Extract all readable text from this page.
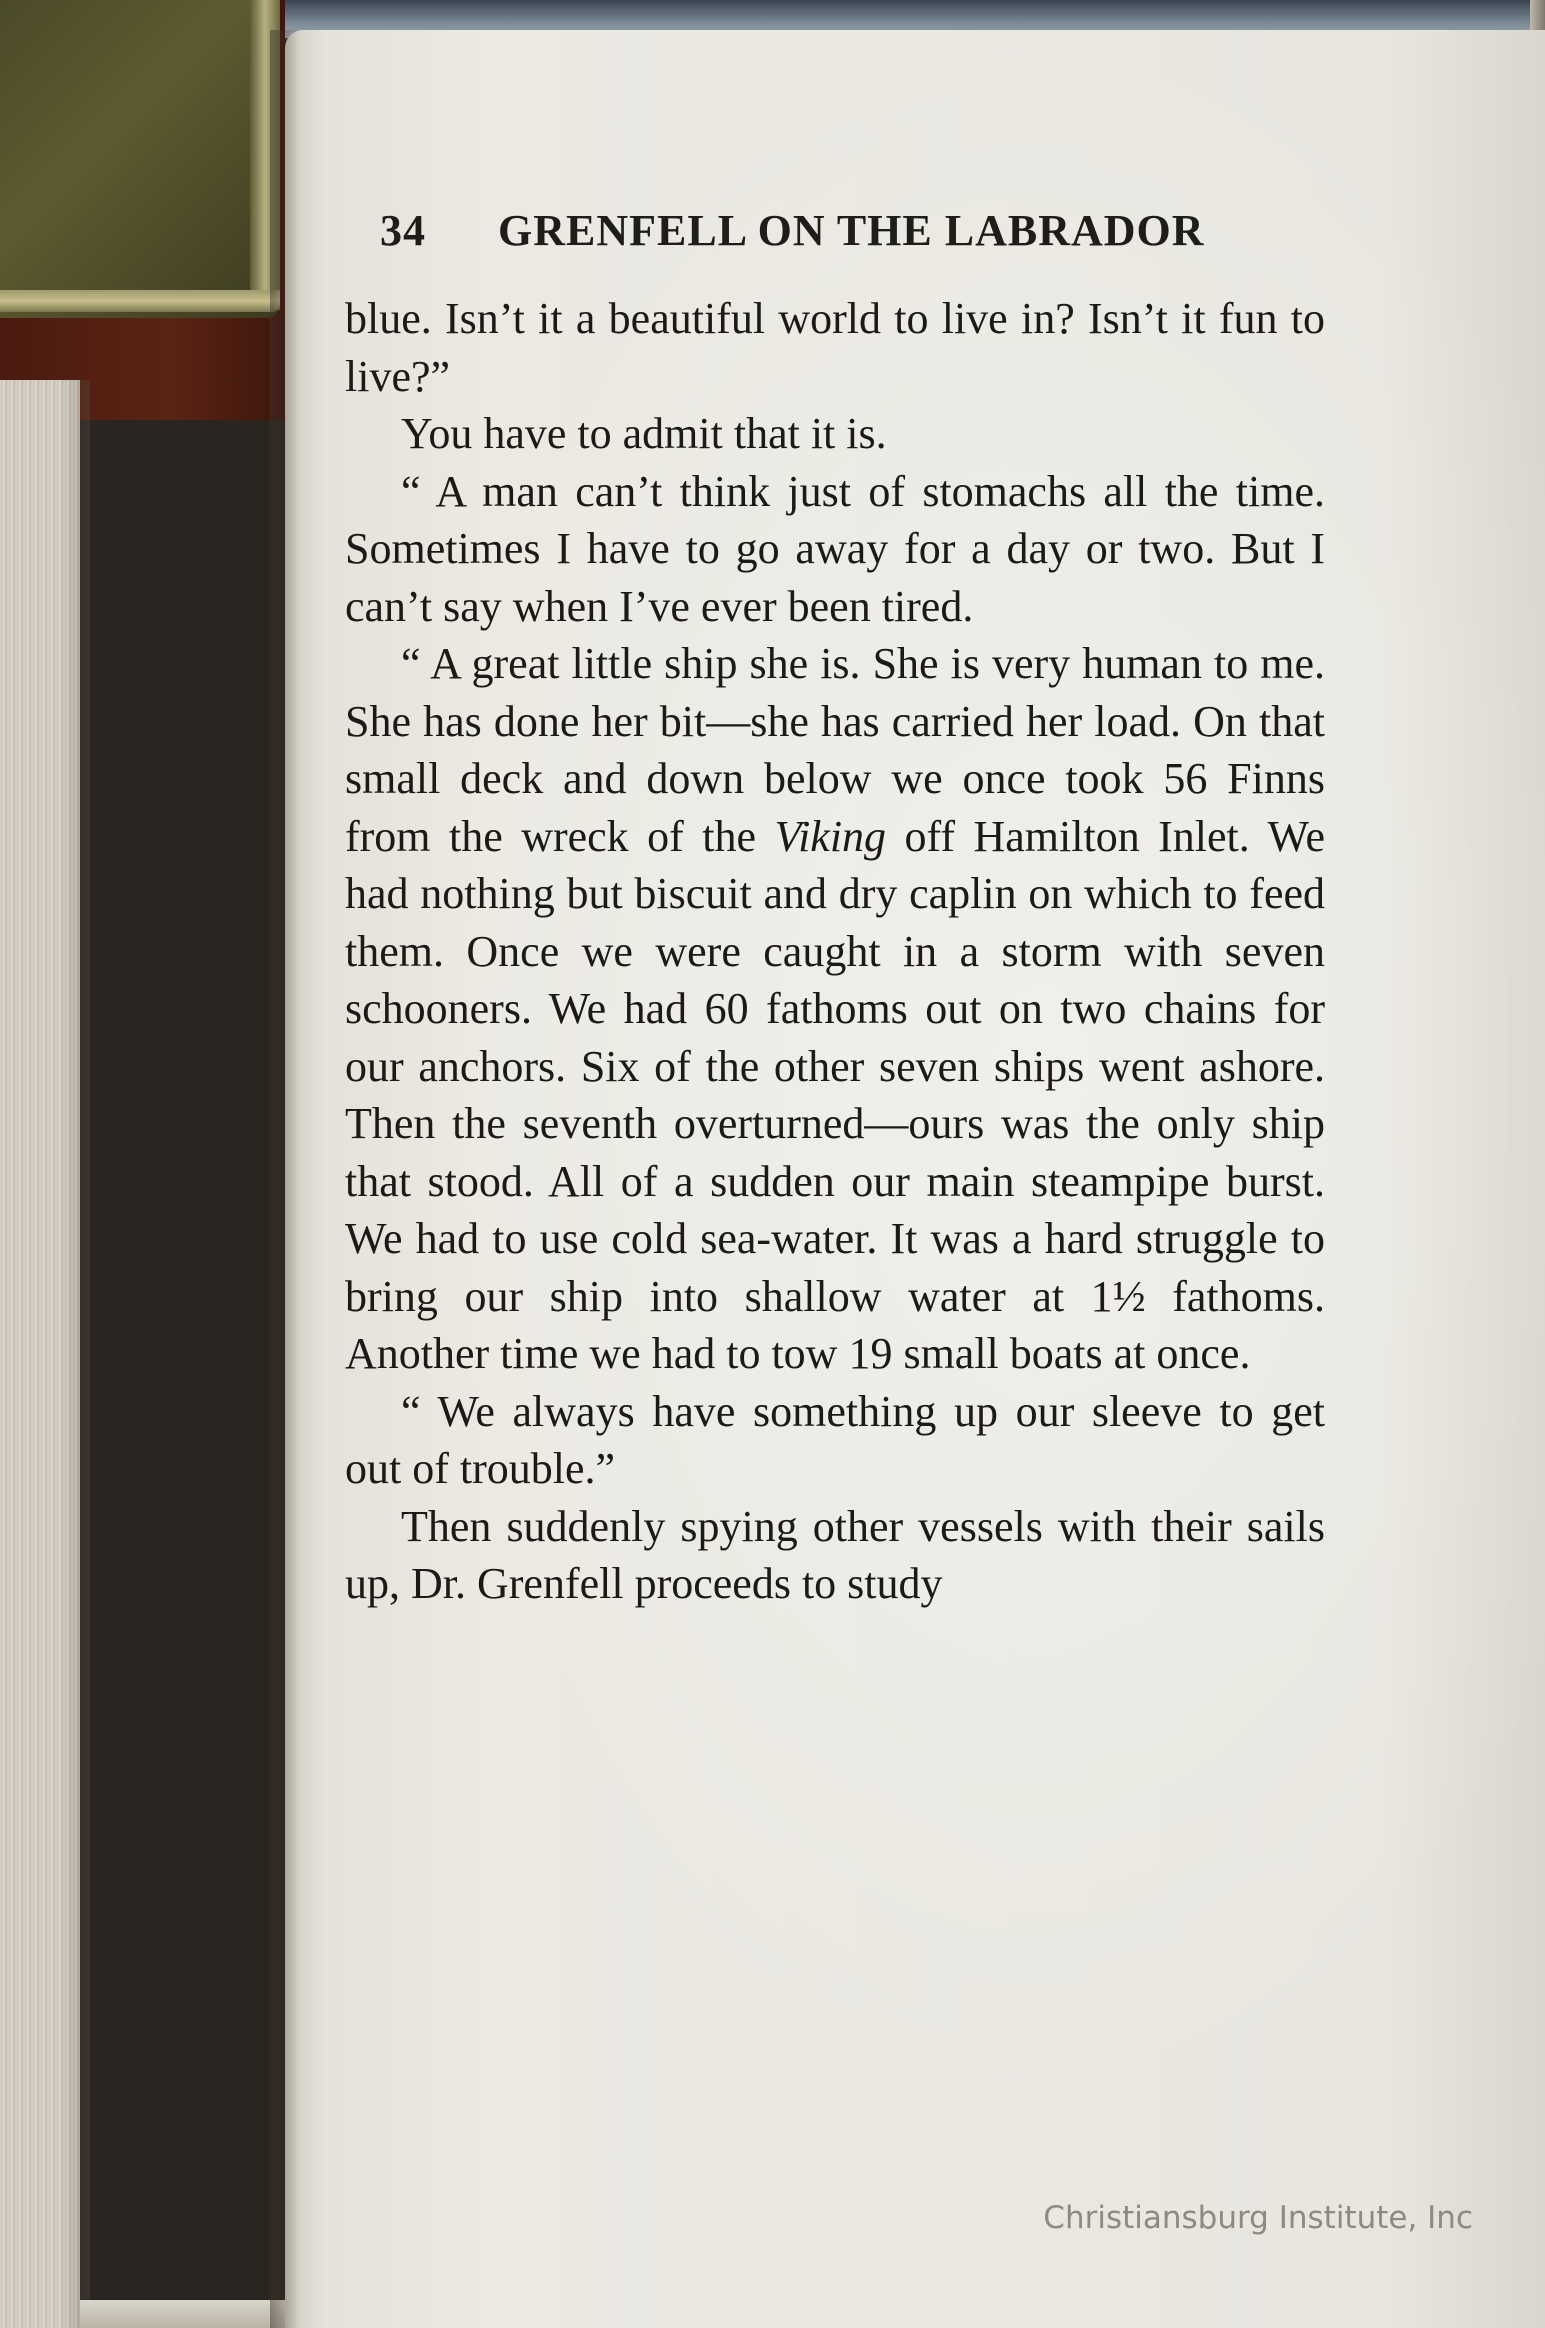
34 GRENFELL ON THE LABRADOR

blue. Isn’t it a beautiful world to live in? Isn’t it fun to live?”

You have to admit that it is.

“ A man can’t think just of stomachs all the time. Sometimes I have to go away for a day or two. But I can’t say when I’ve ever been tired.

“ A great little ship she is. She is very human to me. She has done her bit—she has carried her load. On that small deck and down below we once took 56 Finns from the wreck of the Viking off Hamilton Inlet. We had nothing but biscuit and dry caplin on which to feed them. Once we were caught in a storm with seven schooners. We had 60 fathoms out on two chains for our anchors. Six of the other seven ships went ashore. Then the seventh overturned—ours was the only ship that stood. All of a sudden our main steampipe burst. We had to use cold sea-water. It was a hard struggle to bring our ship into shallow water at 1½ fathoms. Another time we had to tow 19 small boats at once.

“ We always have something up our sleeve to get out of trouble.”

Then suddenly spying other vessels with their sails up, Dr. Grenfell proceeds to study

Christiansburg Institute, Inc
